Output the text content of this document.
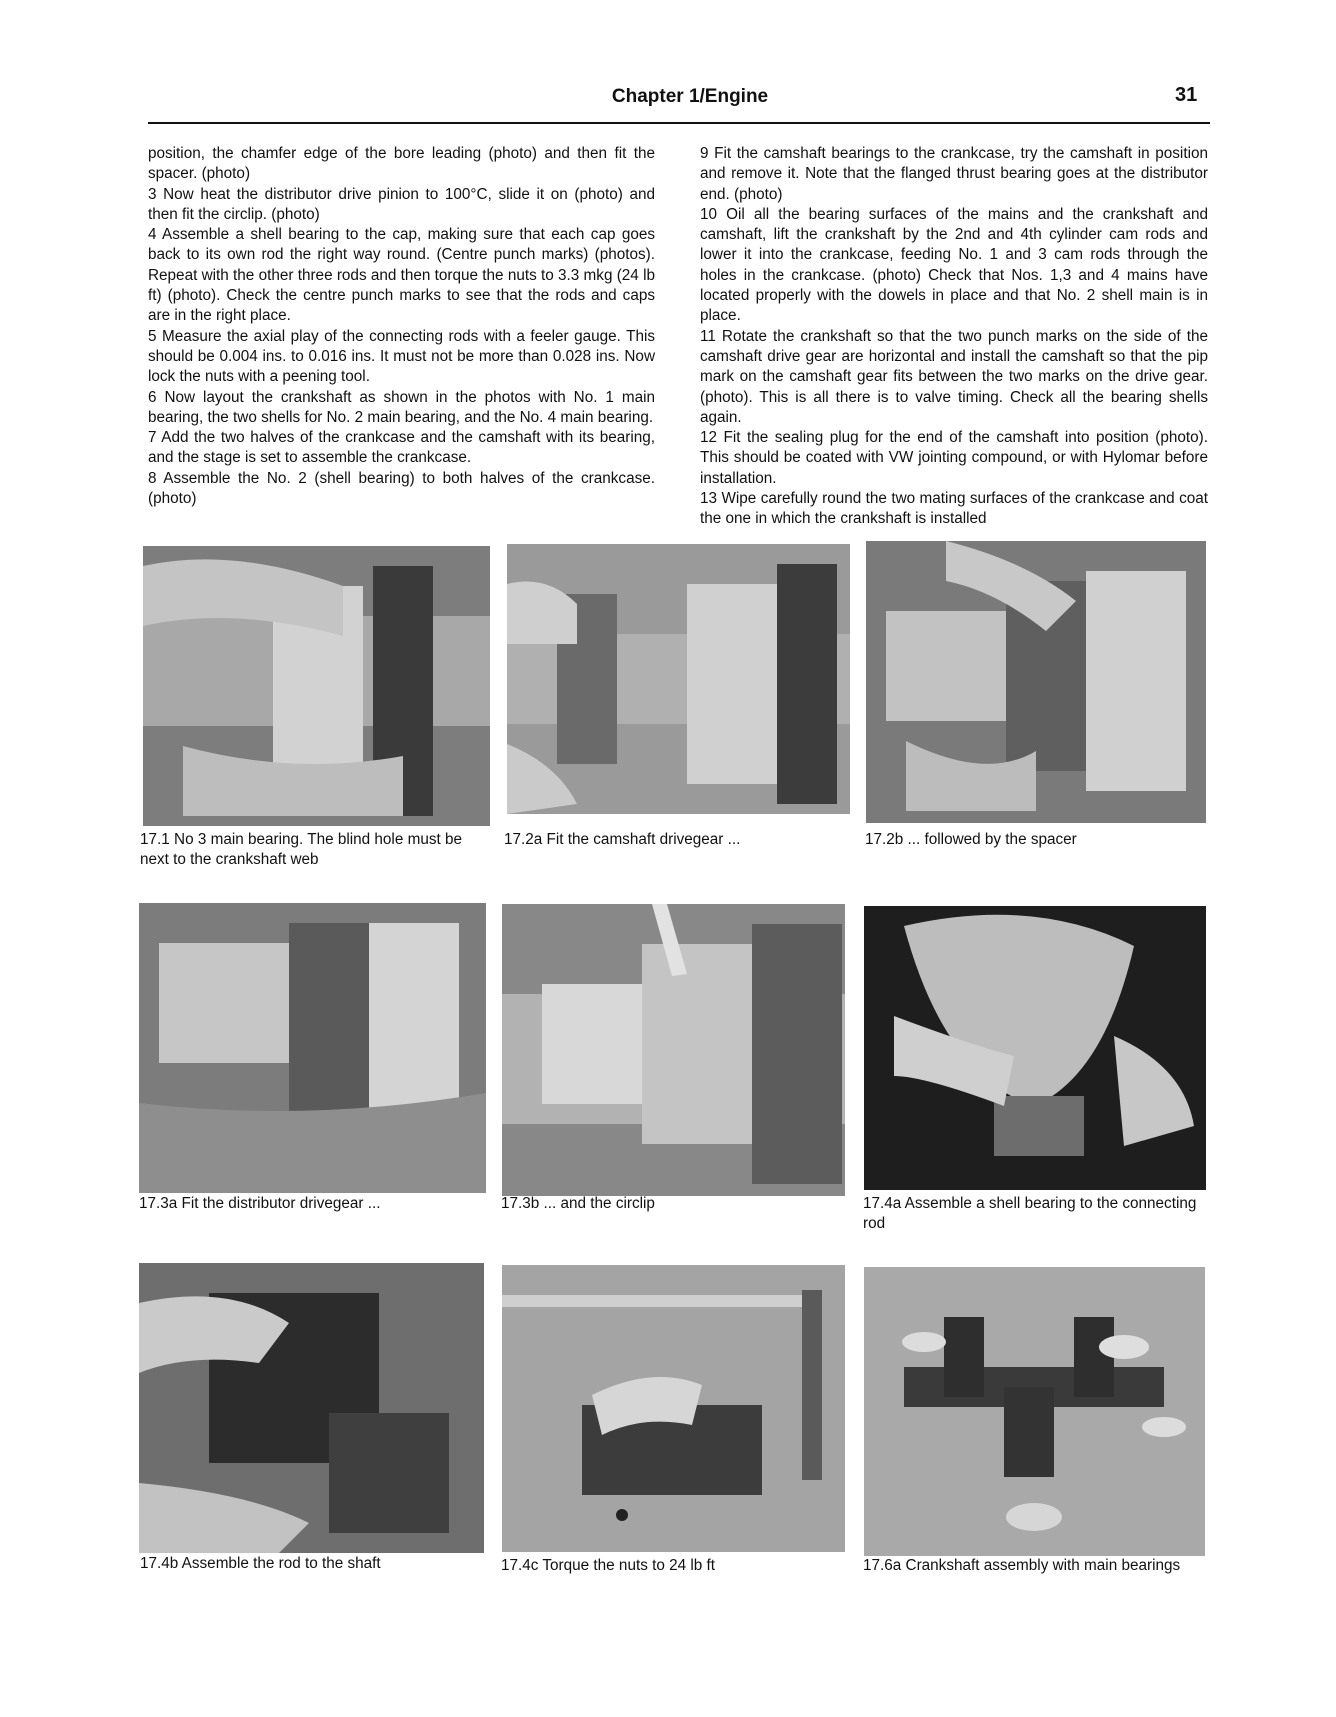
Chapter 1/Engine	31

position, the chamfer edge of the bore leading (photo) and then fit the spacer. (photo)

3 Now heat the distributor drive pinion to 100°C, slide it on (photo) and then fit the circlip. (photo)

4 Assemble a shell bearing to the cap, making sure that each cap goes back to its own rod the right way round. (Centre punch marks) (photos). Repeat with the other three rods and then torque the nuts to 3.3 mkg (24 lb ft) (photo). Check the centre punch marks to see that the rods and caps are in the right place.

5 Measure the axial play of the connecting rods with a feeler gauge. This should be 0.004 ins. to 0.016 ins. It must not be more than 0.028 ins. Now lock the nuts with a peening tool.

6 Now layout the crankshaft as shown in the photos with No. 1 main bearing, the two shells for No. 2 main bearing, and the No. 4 main bearing.

7 Add the two halves of the crankcase and the camshaft with its bearing, and the stage is set to assemble the crankcase.

8 Assemble the No. 2 (shell bearing) to both halves of the crankcase. (photo)

9 Fit the camshaft bearings to the crankcase, try the camshaft in position and remove it. Note that the flanged thrust bearing goes at the distributor end. (photo)

10 Oil all the bearing surfaces of the mains and the crankshaft and camshaft, lift the crankshaft by the 2nd and 4th cylinder cam rods and lower it into the crankcase, feeding No. 1 and 3 cam rods through the holes in the crankcase. (photo) Check that Nos. 1,3 and 4 mains have located properly with the dowels in place and that No. 2 shell main is in place.

11 Rotate the crankshaft so that the two punch marks on the side of the camshaft drive gear are horizontal and install the camshaft so that the pip mark on the camshaft gear fits between the two marks on the drive gear. (photo). This is all there is to valve timing. Check all the bearing shells again.

12 Fit the sealing plug for the end of the camshaft into position (photo). This should be coated with VW jointing compound, or with Hylomar before installation.

13 Wipe carefully round the two mating surfaces of the crankcase and coat the one in which the crankshaft is installed

17.1 No 3 main bearing. The blind hole must be next to the crankshaft web
17.2a Fit the camshaft drivegear ...	17.2b ... followed by the spacer
17.3a Fit the distributor drivegear ...	17.3b ... and the circlip	17.4a Assemble a shell bearing to the connecting rod
17.4b Assemble the rod to the shaft	17.4c Torque the nuts to 24 lb ft	17.6a Crankshaft assembly with main bearings
